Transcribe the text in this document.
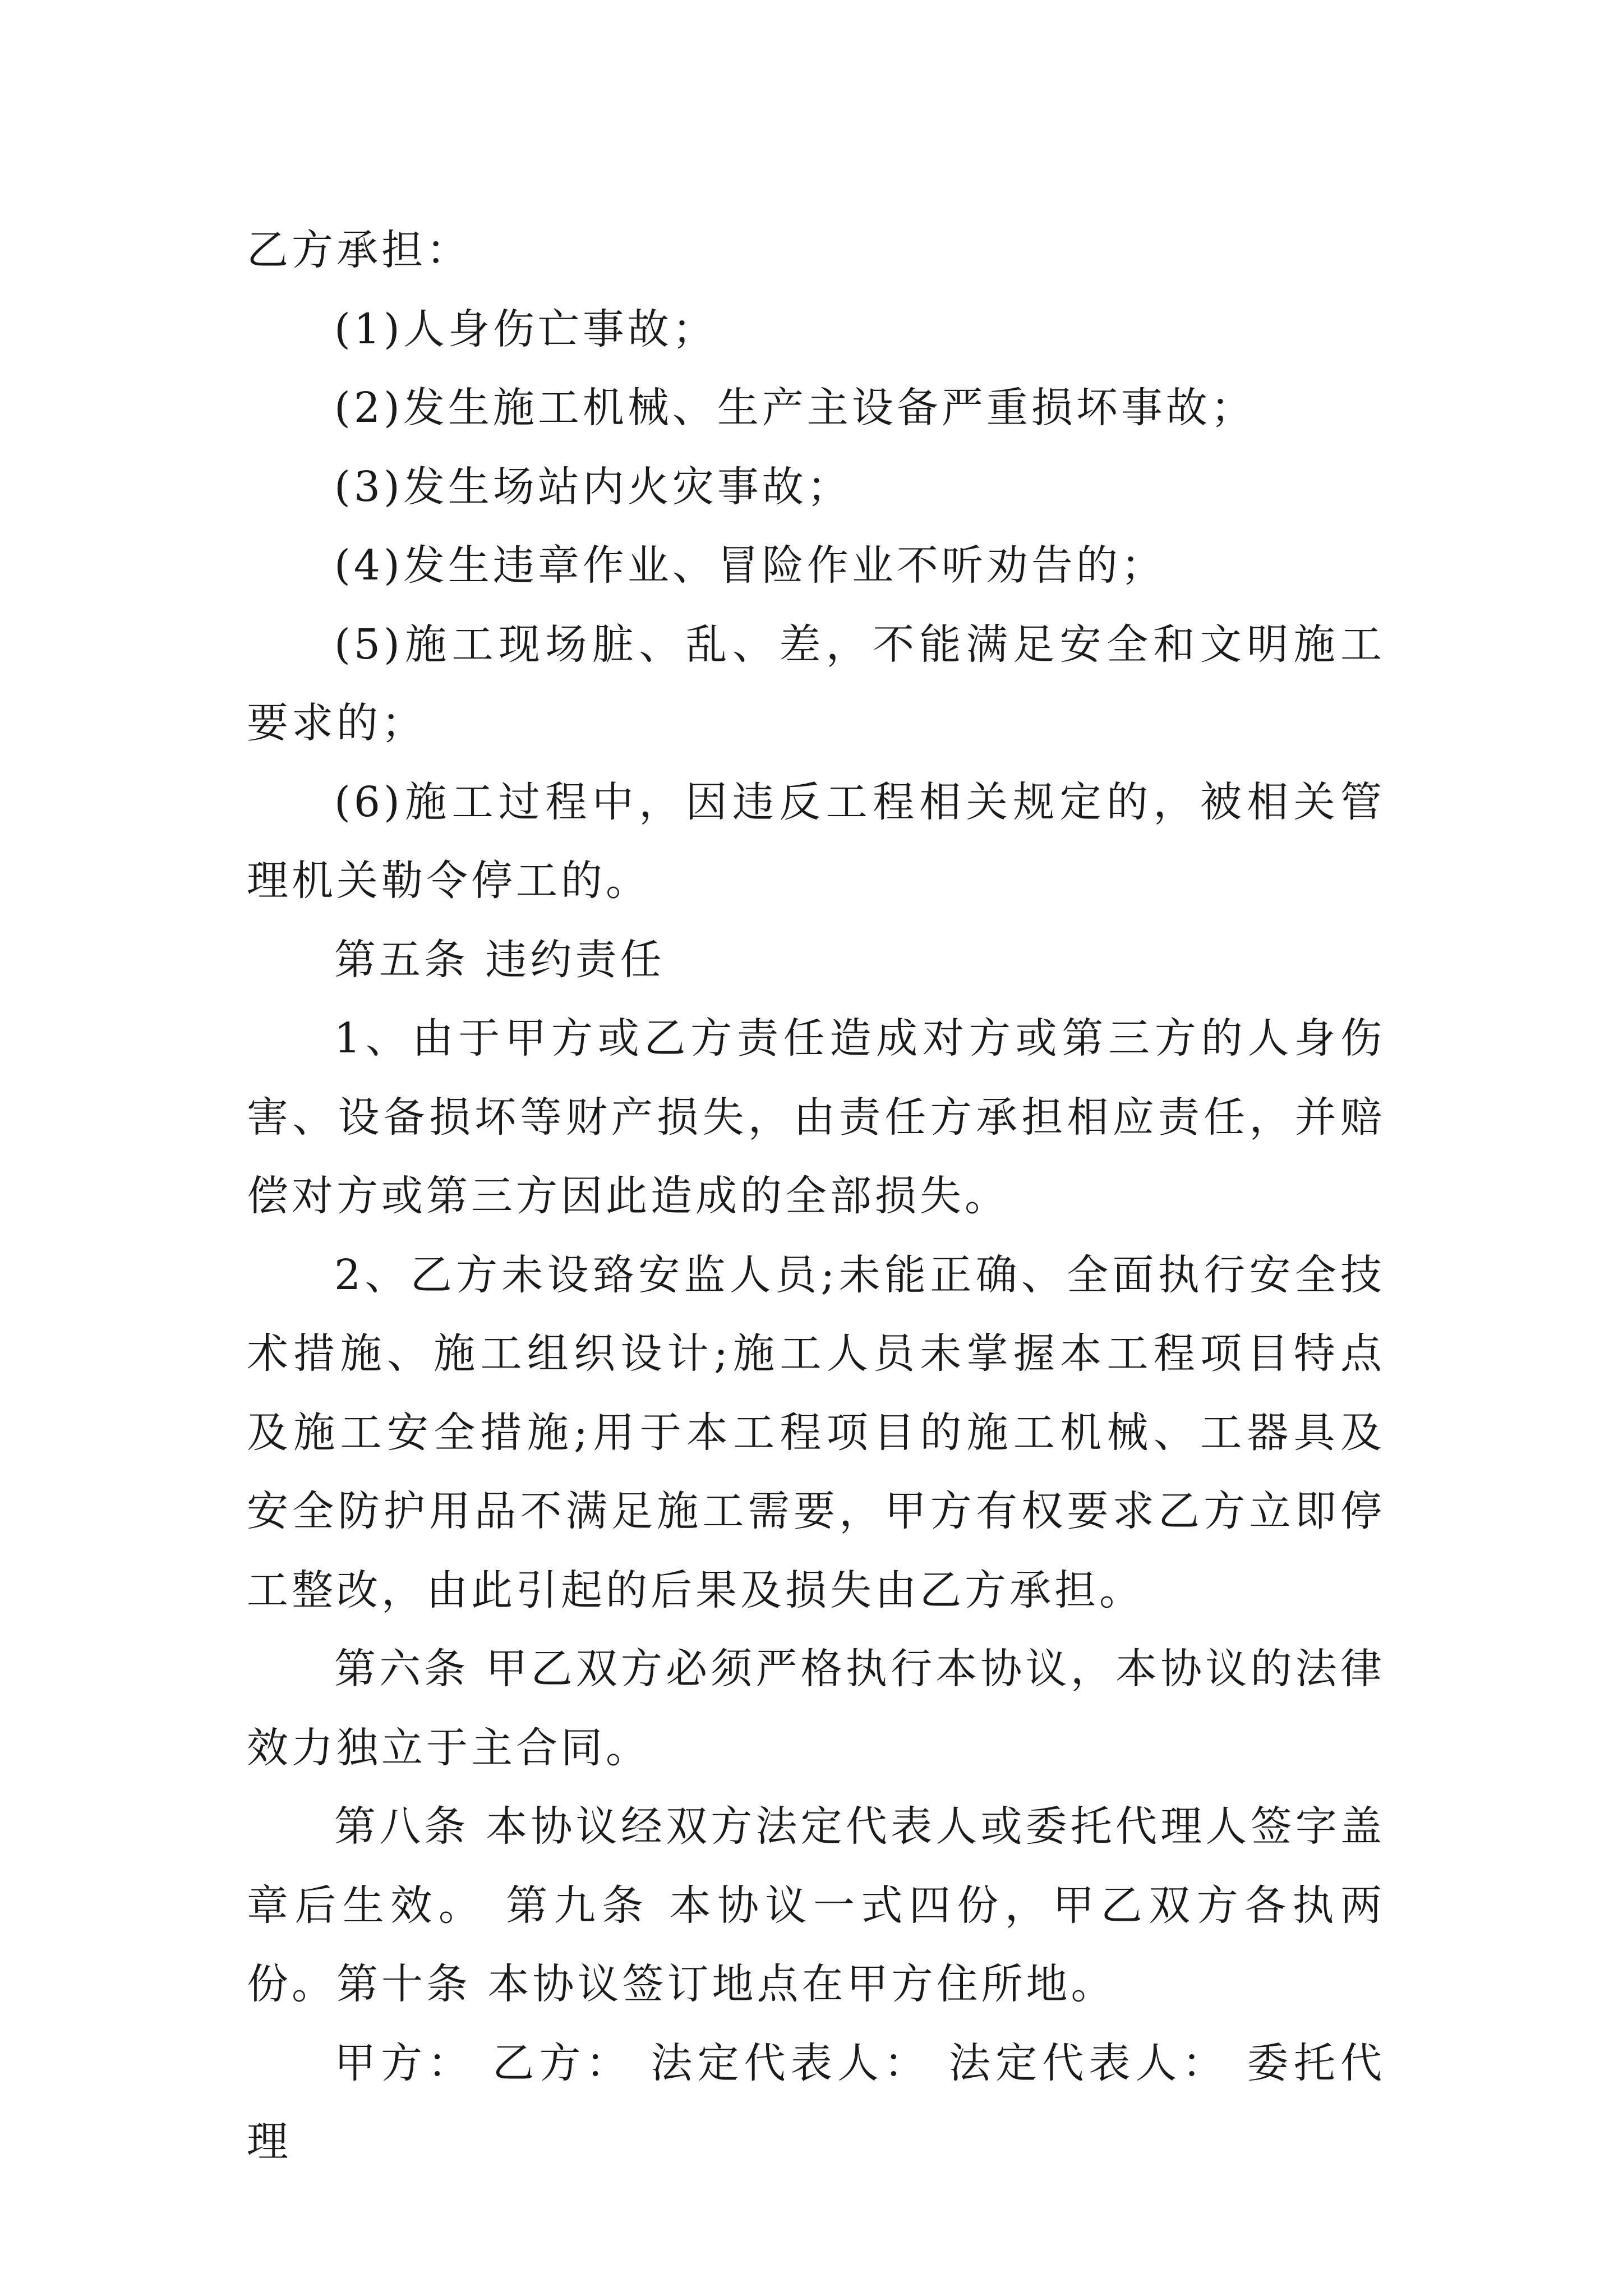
乙方承担：

(1)人身伤亡事故；

(2)发生施工机械、生产主设备严重损坏事故；

(3)发生场站内火灾事故；

(4)发生违章作业、冒险作业不听劝告的；

(5)施工现场脏、乱、差，不能满足安全和文明施工要求的；

(6)施工过程中，因违反工程相关规定的，被相关管理机关勒令停工的。

第五条 违约责任

1、由于甲方或乙方责任造成对方或第三方的人身伤害、设备损坏等财产损失，由责任方承担相应责任，并赔偿对方或第三方因此造成的全部损失。

2、乙方未设臵安监人员;未能正确、全面执行安全技术措施、施工组织设计;施工人员未掌握本工程项目特点及施工安全措施;用于本工程项目的施工机械、工器具及安全防护用品不满足施工需要，甲方有权要求乙方立即停工整改，由此引起的后果及损失由乙方承担。

第六条 甲乙双方必须严格执行本协议，本协议的法律效力独立于主合同。

第八条 本协议经双方法定代表人或委托代理人签字盖章后生效。 第九条 本协议一式四份，甲乙双方各执两份。第十条 本协议签订地点在甲方住所地。

甲方： 乙方： 法定代表人： 法定代表人： 委托代理
